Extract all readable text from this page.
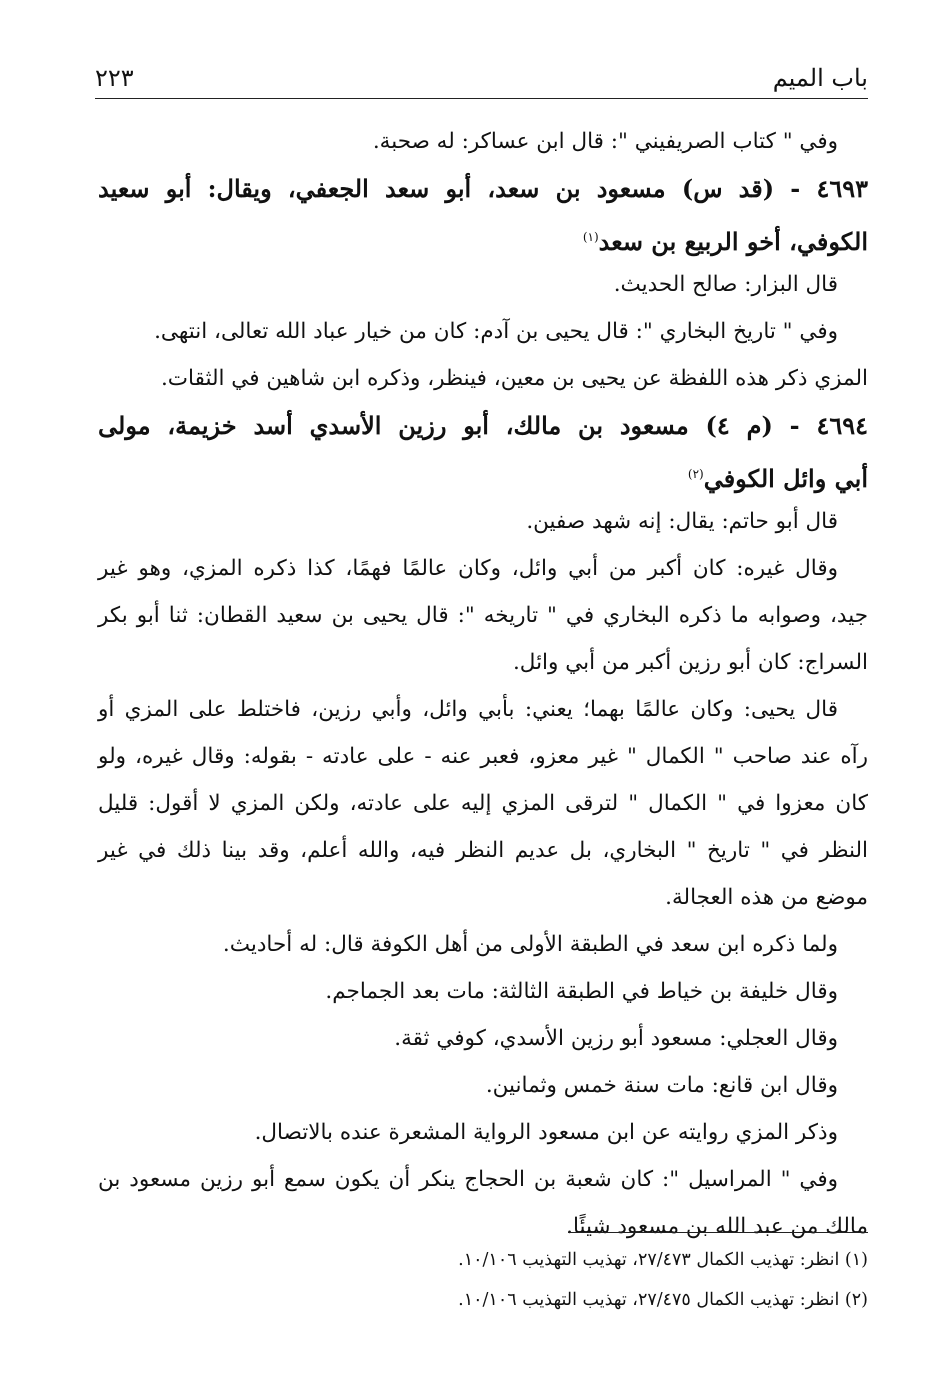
باب الميم
٢٢٣
وفي " كتاب الصريفيني ": قال ابن عساكر: له صحبة.
٤٦٩٣ - (قد س) مسعود بن سعد، أبو سعد الجعفي، ويقال: أبو سعيد
الكوفي، أخو الربيع بن سعد$^{(١)}$
قال البزار: صالح الحديث.
وفي " تاريخ البخاري ": قال يحيى بن آدم: كان من خيار عباد الله تعالى، انتهى.
المزي ذكر هذه اللفظة عن يحيى بن معين، فينظر، وذكره ابن شاهين في الثقات.
٤٦٩٤ - (م ٤) مسعود بن مالك، أبو رزين الأسدي أسد خزيمة، مولى
أبي وائل الكوفي$^{(٢)}$
قال أبو حاتم: يقال: إنه شهد صفين.
وقال غيره: كان أكبر من أبي وائل، وكان عالمًا فهمًا، كذا ذكره المزي، وهو غير
جيد، وصوابه ما ذكره البخاري في " تاريخه ": قال يحيى بن سعيد القطان: ثنا أبو بكر
السراج: كان أبو رزين أكبر من أبي وائل.
قال يحيى: وكان عالمًا بهما؛ يعني: بأبي وائل، وأبي رزين، فاختلط على المزي أو
رآه عند صاحب " الكمال " غير معزو، فعبر عنه - على عادته - بقوله: وقال غيره، ولو
كان معزوا في " الكمال " لترقى المزي إليه على عادته، ولكن المزي لا أقول: قليل
النظر في " تاريخ " البخاري، بل عديم النظر فيه، والله أعلم، وقد بينا ذلك في غير
موضع من هذه العجالة.
ولما ذكره ابن سعد في الطبقة الأولى من أهل الكوفة قال: له أحاديث.
وقال خليفة بن خياط في الطبقة الثالثة: مات بعد الجماجم.
وقال العجلي: مسعود أبو رزين الأسدي، كوفي ثقة.
وقال ابن قانع: مات سنة خمس وثمانين.
وذكر المزي روايته عن ابن مسعود الرواية المشعرة عنده بالاتصال.
وفي " المراسيل ": كان شعبة بن الحجاج ينكر أن يكون سمع أبو رزين مسعود بن
مالك من عبد الله بن مسعود شيئًا.
(١) انظر: تهذيب الكمال ٢٧/٤٧٣، تهذيب التهذيب ١٠/١٠٦.
(٢) انظر: تهذيب الكمال ٢٧/٤٧٥، تهذيب التهذيب ١٠/١٠٦.
